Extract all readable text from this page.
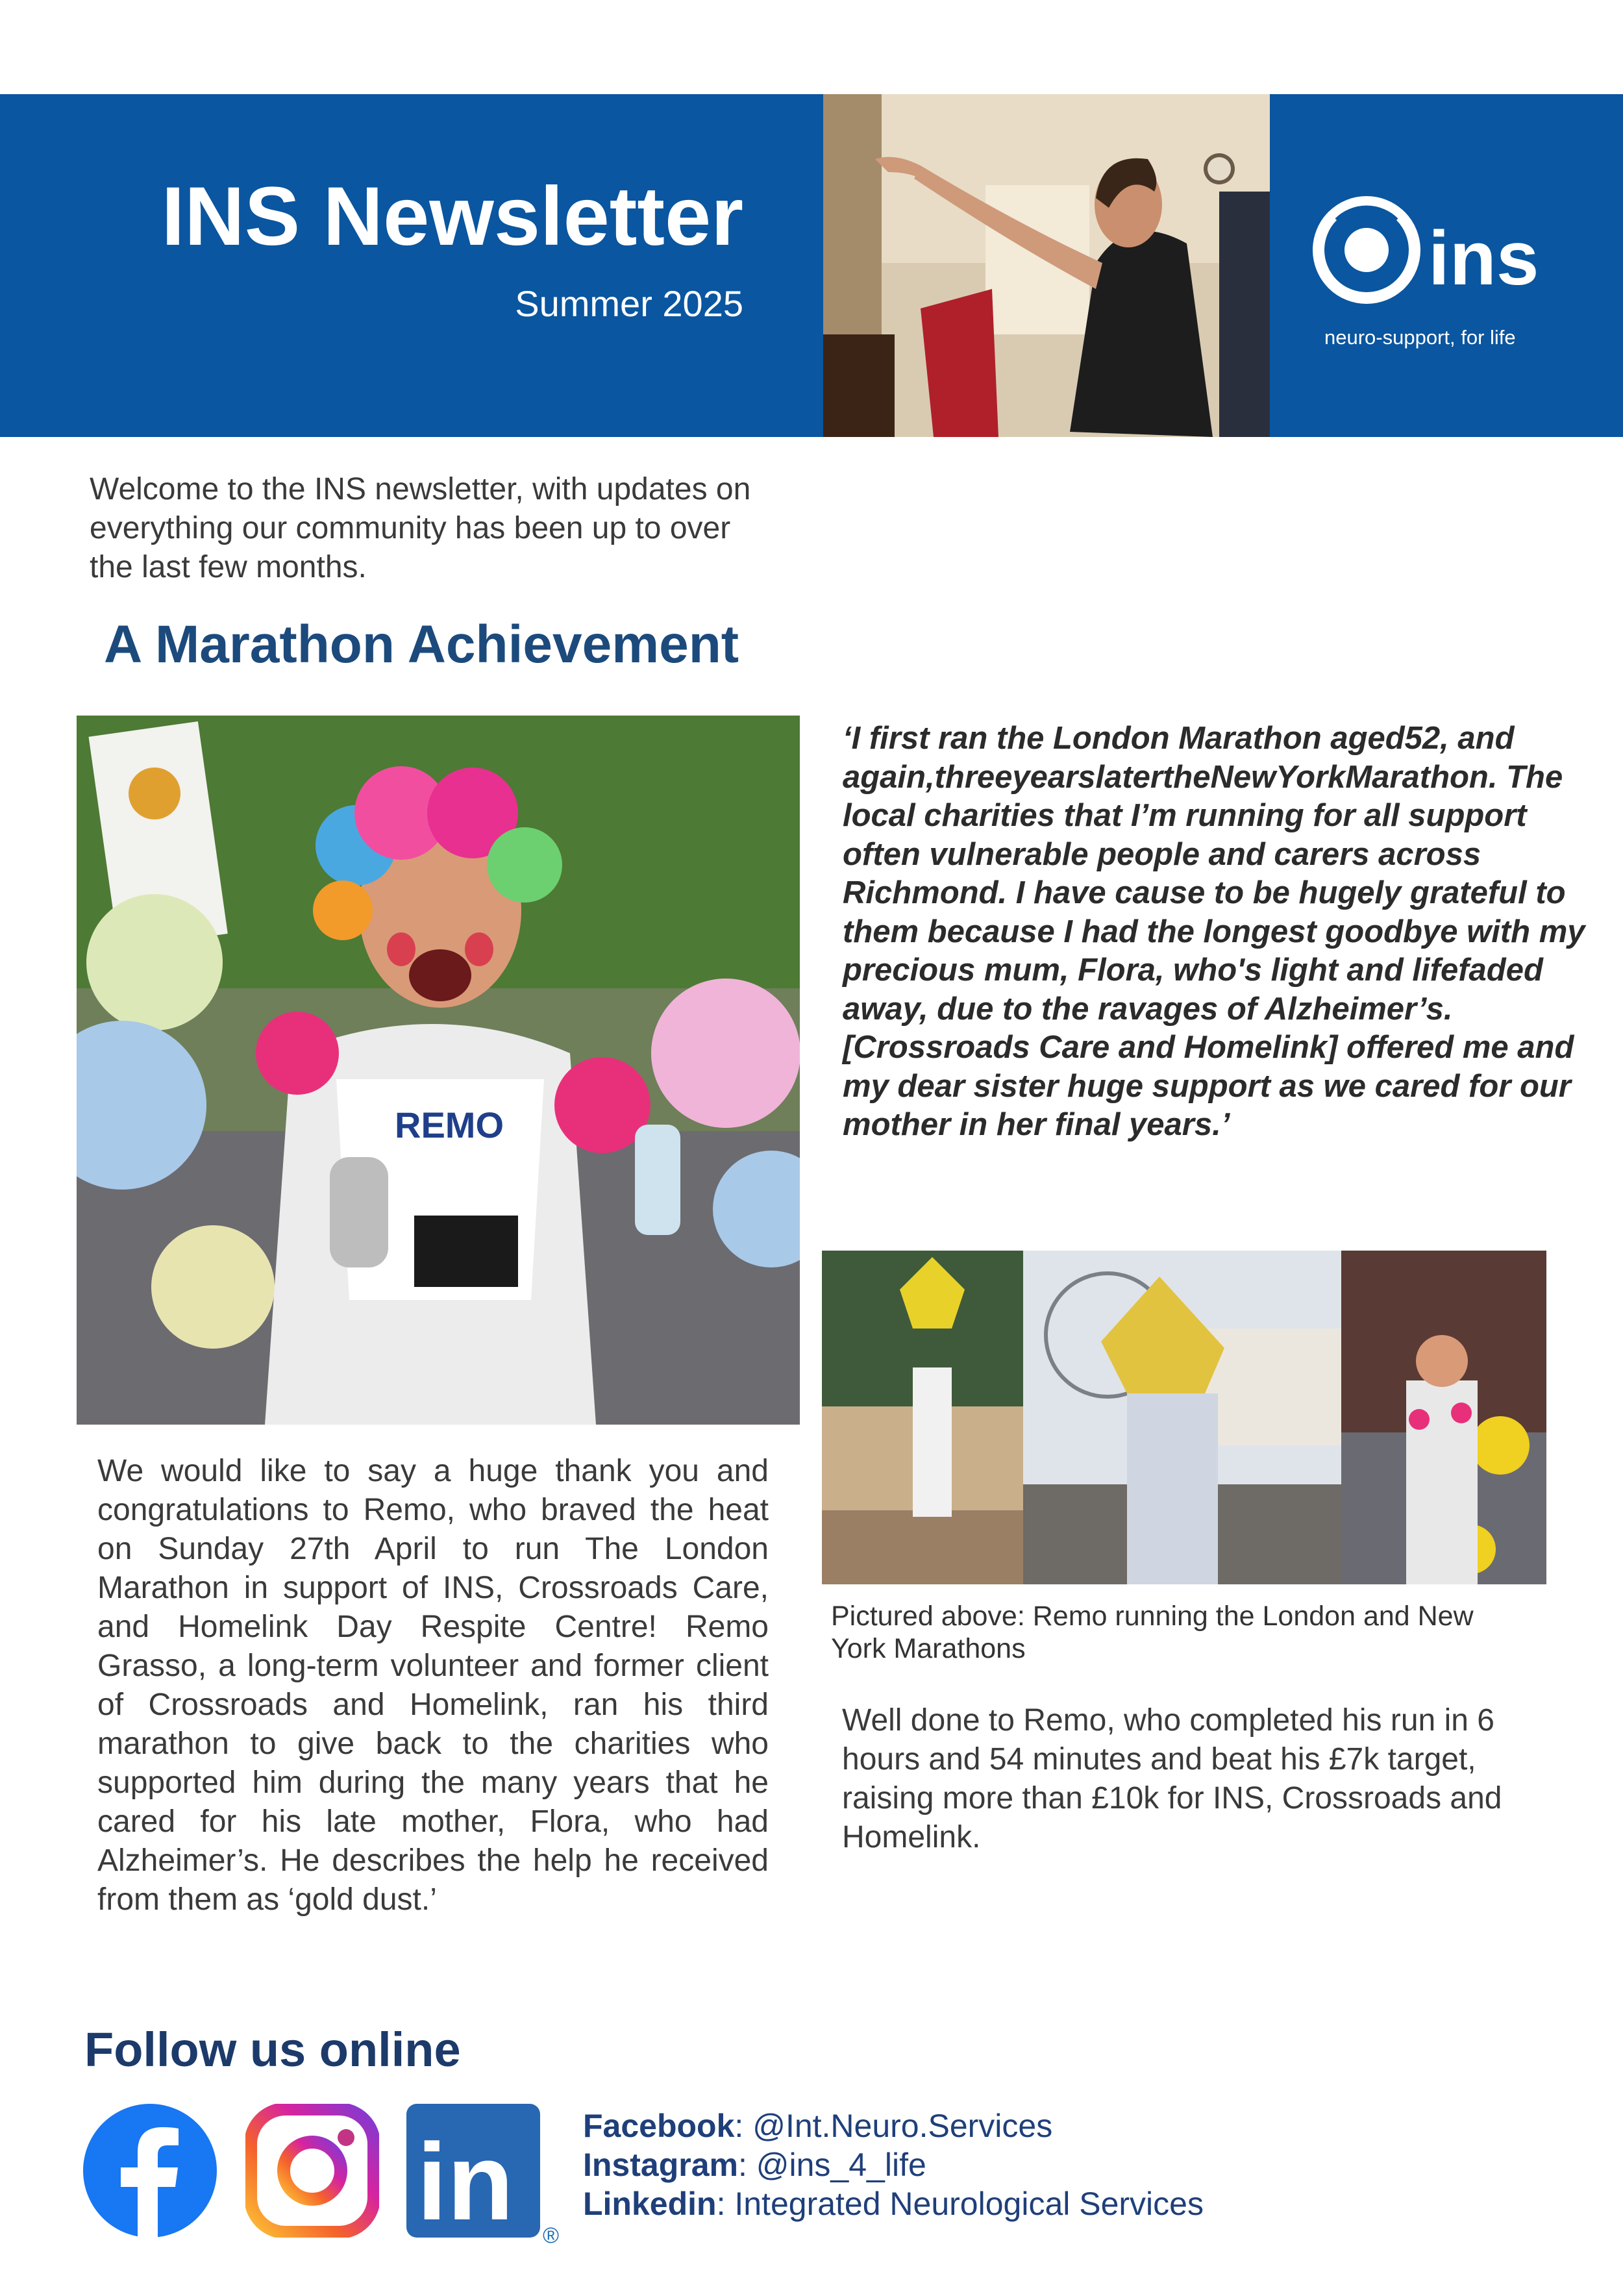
INS Newsletter
Summer 2025
ins
neuro-support, for life
Welcome to the INS newsletter, with updates on everything our community has been up to over the last few months.
A Marathon Achievement
REMO
‘I first ran the London Marathon aged52, and again,threeyearslatertheNewYorkMarathon. The local charities that I’m running for all support often vulnerable people and carers across Richmond. I have cause to be hugely grateful to them because I had the longest goodbye with my precious mum, Flora, who's light and lifefaded away, due to the ravages of Alzheimer’s. [Crossroads Care and Homelink] offered me and my dear sister huge support as we cared for our mother in her final years.’
Pictured above: Remo running the London and New York Marathons
We would like to say a huge thank you and congratulations to Remo, who braved the heat on Sunday 27th April to run The London Marathon in support of INS, Crossroads Care, and Homelink Day Respite Centre! Remo Grasso, a long-term volunteer and former client of Crossroads and Homelink, ran his third marathon to give back to the charities who supported him during the many years that he cared for his late mother, Flora, who had Alzheimer’s. He describes the help he received from them as ‘gold dust.’
Well done to Remo, who completed his run in 6 hours and 54 minutes and beat his £7k target, raising more than £10k for INS, Crossroads and Homelink.
Follow us online
in ®
Facebook: @Int.Neuro.Services
Instagram: @ins_4_life
Linkedin: Integrated Neurological Services
